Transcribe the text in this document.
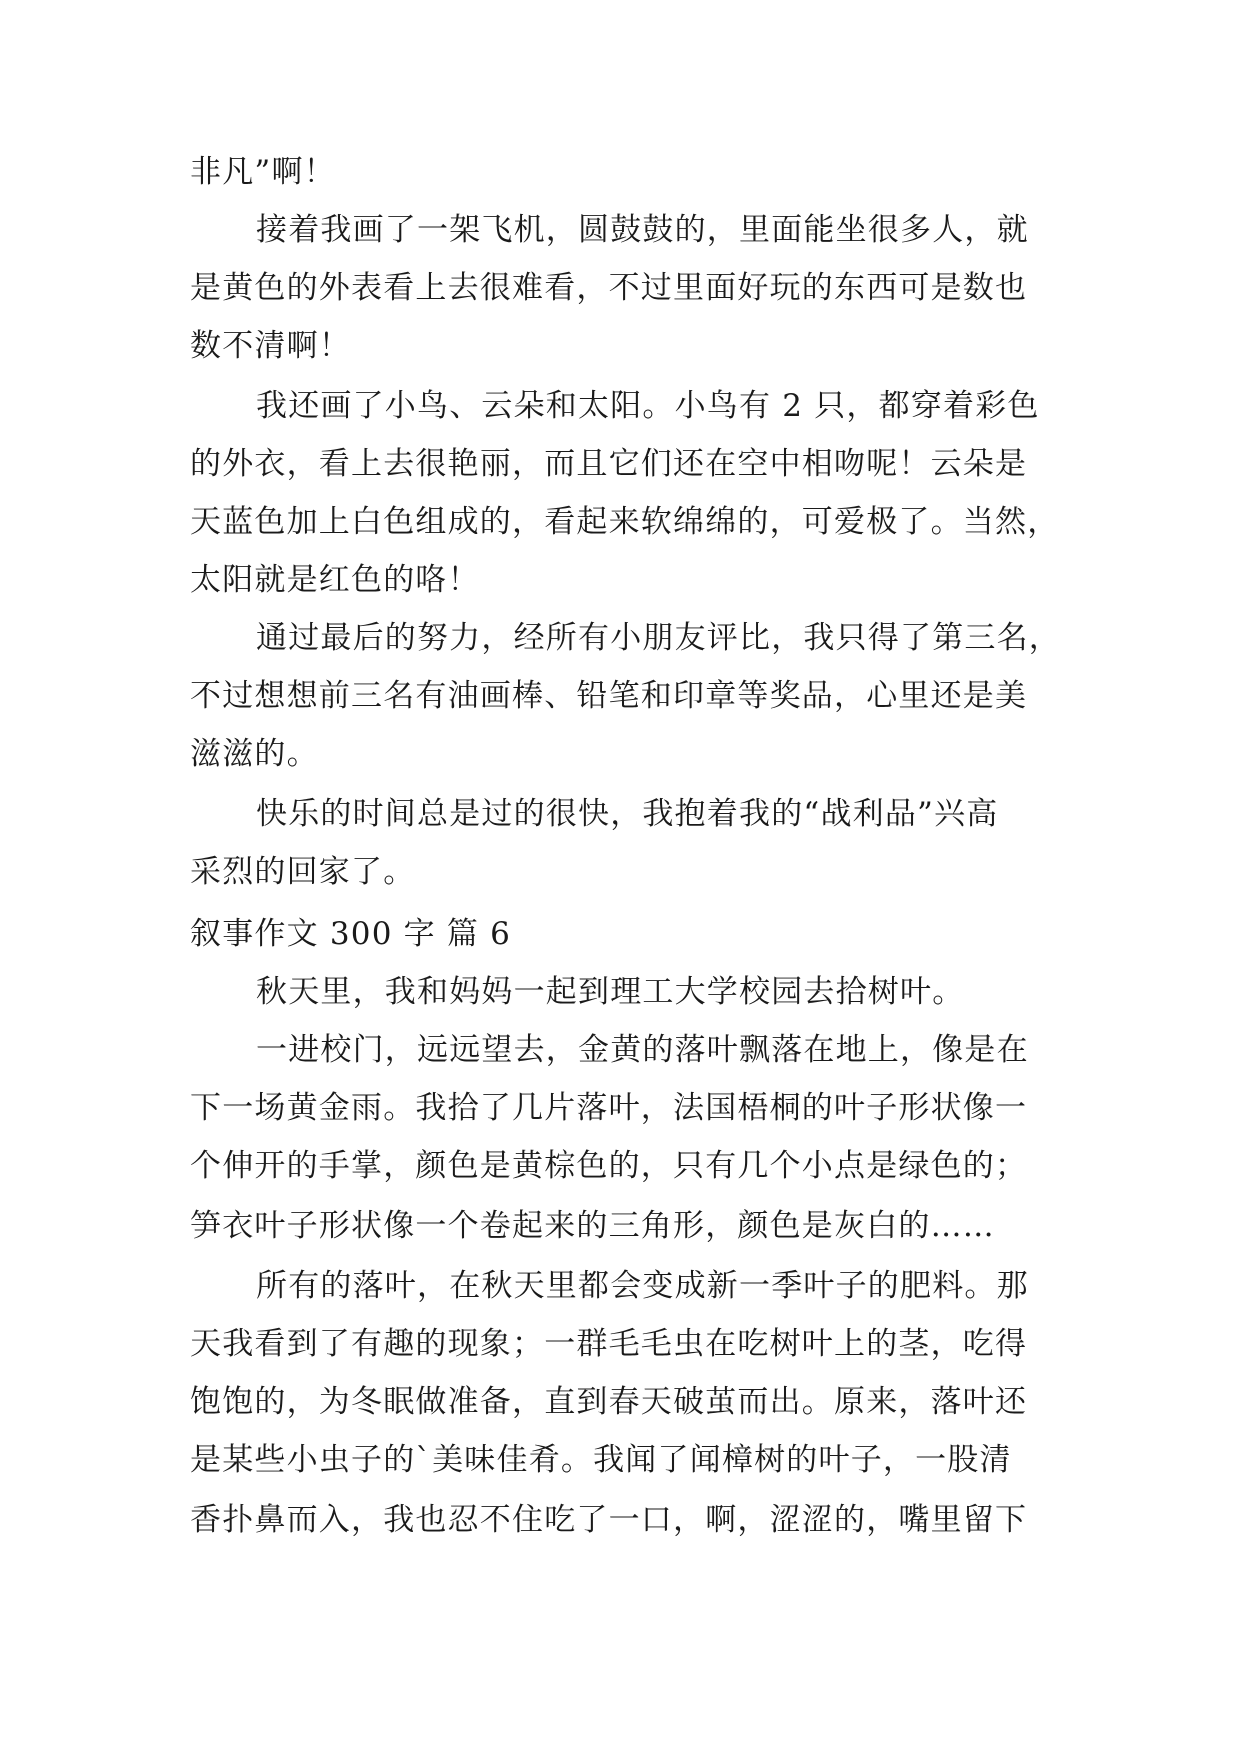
非凡”啊！
接着我画了一架飞机，圆鼓鼓的，里面能坐很多人，就
是黄色的外表看上去很难看，不过里面好玩的东西可是数也
数不清啊！
我还画了小鸟、云朵和太阳。小鸟有 2 只，都穿着彩色
的外衣，看上去很艳丽，而且它们还在空中相吻呢！云朵是
天蓝色加上白色组成的，看起来软绵绵的，可爱极了。当然，
太阳就是红色的咯！
通过最后的努力，经所有小朋友评比，我只得了第三名，
不过想想前三名有油画棒、铅笔和印章等奖品，心里还是美
滋滋的。
快乐的时间总是过的很快，我抱着我的“战利品”兴高
采烈的回家了。
叙事作文 300 字 篇 6
秋天里，我和妈妈一起到理工大学校园去拾树叶。
一进校门，远远望去，金黄的落叶飘落在地上，像是在
下一场黄金雨。我拾了几片落叶，法国梧桐的叶子形状像一
个伸开的手掌，颜色是黄棕色的，只有几个小点是绿色的；
笋衣叶子形状像一个卷起来的三角形，颜色是灰白的……
所有的落叶，在秋天里都会变成新一季叶子的肥料。那
天我看到了有趣的现象；一群毛毛虫在吃树叶上的茎，吃得
饱饱的，为冬眠做准备，直到春天破茧而出。原来，落叶还
是某些小虫子的`美味佳肴。我闻了闻樟树的叶子，一股清
香扑鼻而入，我也忍不住吃了一口，啊，涩涩的，嘴里留下
